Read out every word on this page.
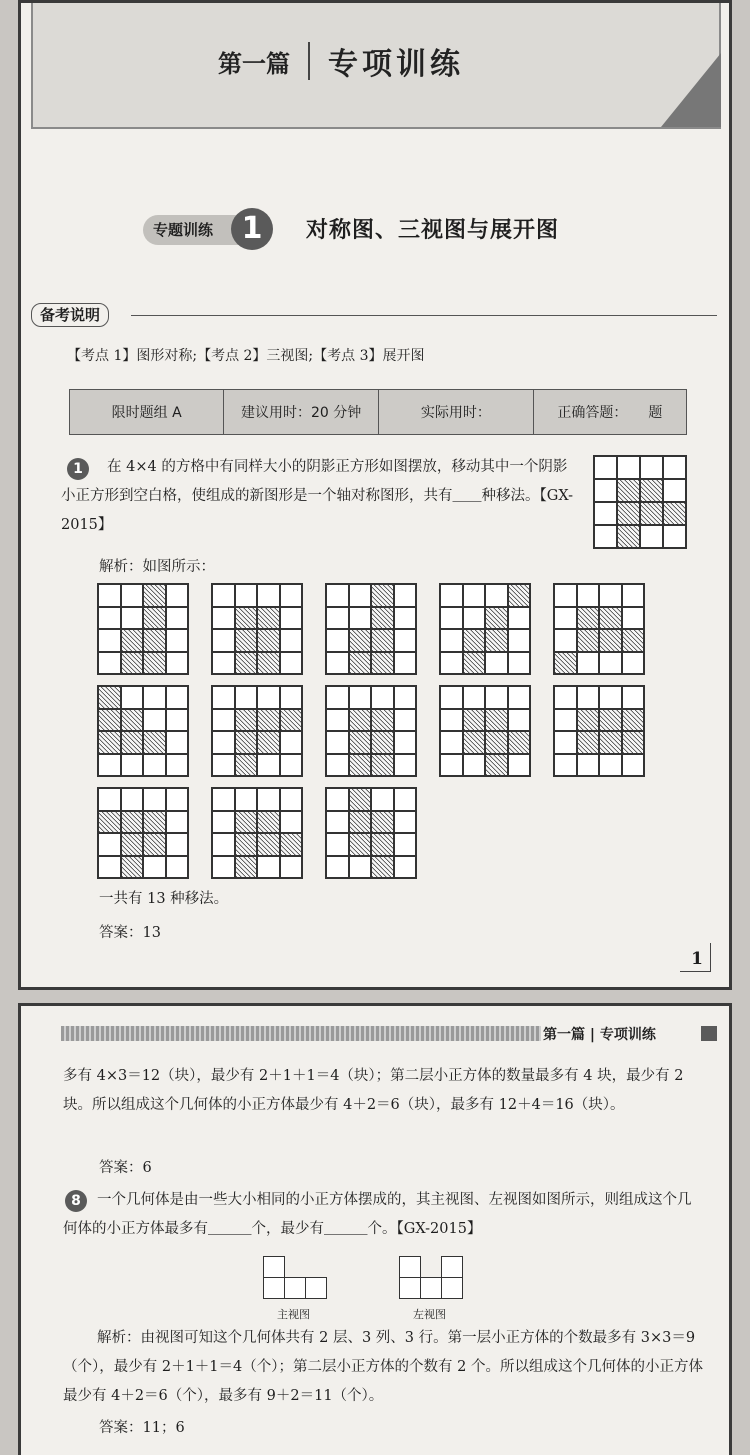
第一篇 专项训练
专题训练 1	对称图、三视图与展开图
备考说明
【考点 1】图形对称;【考点 2】三视图;【考点 3】展开图
限时题组 A	建议用时：20 分钟	实际用时：	正确答题：　　题
在 4×4 的方格中有同样大小的阴影正方形如图摆放，移动其中一个阴影小正方形到空白格，使组成的新图形是一个轴对称图形，共有＿＿种移法。【GX-2015】
1
解析：如图所示：
一共有 13 种移法。
答案：13
1
第一篇 | 专项训练
多有 4×3＝12（块），最少有 2＋1＋1＝4（块）；第二层小正方体的数量最多有 4 块，最少有 2 块。所以组成这个几何体的小正方体最少有 4＋2＝6（块），最多有 12＋4＝16（块）。
答案：6
一个几何体是由一些大小相同的小正方体摆成的，其主视图、左视图如图所示，则组成这个几何体的小正方体最多有＿＿＿个，最少有＿＿＿个。【GX-2015】
8
主视图	左视图
解析：由视图可知这个几何体共有 2 层、3 列、3 行。第一层小正方体的个数最多有 3×3＝9（个），最少有 2＋1＋1＝4（个）；第二层小正方体的个数有 2 个。所以组成这个几何体的小正方体最少有 4＋2＝6（个），最多有 9＋2＝11（个）。
答案：11；6
